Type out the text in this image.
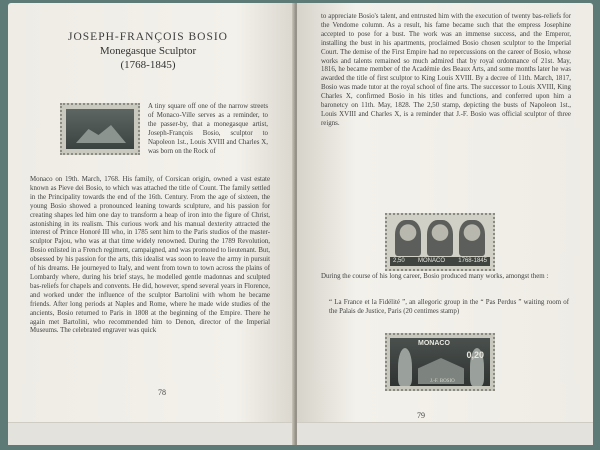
JOSEPH-FRANÇOIS BOSIO
Monegasque Sculptor
(1768-1845)

A tiny square off one of the narrow streets of Monaco-Ville serves as a reminder, to the passer-by, that a monegasque artist, Joseph-François Bosio, sculptor to Napoleon 1st., Louis XVIII and Charles X, was born on the Rock of

Monaco on 19th. March, 1768. His family, of Corsican origin, owned a vast estate known as Pieve dei Bosio, to which was attached the title of Count. The family settled in the Principality towards the end of the 16th. Century. From the age of sixteen, the young Bosio showed a pronounced leaning towards sculpture, and his passion for creating shapes led him one day to transform a heap of iron into the figure of Christ, astonishing in its realism. This curious work and his manual dexterity attracted the interest of Prince Honoré III who, in 1785 sent him to the Paris studios of the master-sculptor Pajou, who was at that time widely renowned. During the 1789 Revolution, Bosio enlisted in a French regiment, campaigned, and was promoted to lieutenant. But, obsessed by his passion for the arts, this idealist was soon to leave the army in pursuit of his dreams. He journeyed to Italy, and went from town to town across the plains of Lombardy where, during his brief stays, he modelled gentle madonnas and sculpted bas-reliefs for chapels and convents. He did, however, spend several years in Florence, and worked under the influence of the sculptor Bartolini with whom he became friends. After long periods at Naples and Rome, where he made wide studies of the ancients, Bosio returned to Paris in 1808 at the beginning of the Empire. There he again met Bartolini, who recommended him to Denon, director of the Imperial Museums. The celebrated engraver was quick

78

to appreciate Bosio's talent, and entrusted him with the execution of twenty bas-reliefs for the Vendome column. As a result, his fame became such that the empress Josephine accepted to pose for a bust. The work was an immense success, and the Emperor, installing the bust in his apartments, proclaimed Bosio chosen sculptor to the Imperial Court. The demise of the First Empire had no repercussions on the career of Bosio, whose works and talents remained so much admired that by royal ordonnance of 21st. May, 1816, he became member of the Académie des Beaux Arts, and some months later he was awarded the title of first sculptor to King Louis XVIII. By a decree of 11th. March, 1817, Bosio was made tutor at the royal school of fine arts. The successor to Louis XVIII, King Charles X, confirmed Bosio in his titles and functions, and conferred upon him a baronetcy on 11th. May, 1828. The 2,50 stamp, depicting the busts of Napoleon 1st., Louis XVIII and Charles X, is a reminder that J.-F. Bosio was official sculptor of three reigns.

2,50 MONACO 1768-1845

During the course of his long career, Bosio produced many works, amongst them :

“ La France et la Fidélité ”, an allegoric group in the “ Pas Perdus ” waiting room of the Palais de Justice, Paris (20 centimes stamp)

MONACO
0,20
J.-F. BOSIO
79
